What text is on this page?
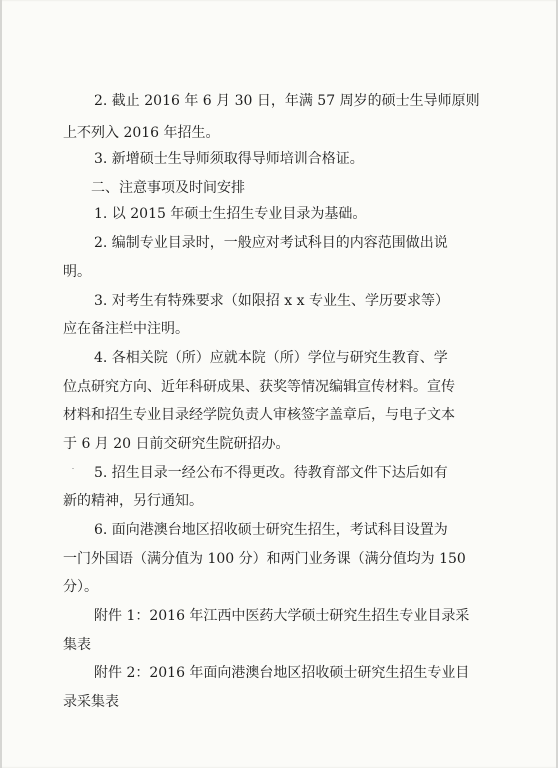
2. 截止 2016 年 6 月 30 日，年满 57 周岁的硕士生导师原则

上不列入 2016 年招生。

3. 新增硕士生导师须取得导师培训合格证。

二、注意事项及时间安排

1. 以 2015 年硕士生招生专业目录为基础。

2. 编制专业目录时，一般应对考试科目的内容范围做出说

明。

3. 对考生有特殊要求（如限招 x x 专业生、学历要求等）

应在备注栏中注明。

4. 各相关院（所）应就本院（所）学位与研究生教育、学

位点研究方向、近年科研成果、获奖等情况编辑宣传材料。宣传

材料和招生专业目录经学院负责人审核签字盖章后，与电子文本

于 6 月 20 日前交研究生院研招办。

5. 招生目录一经公布不得更改。待教育部文件下达后如有

新的精神，另行通知。

6. 面向港澳台地区招收硕士研究生招生，考试科目设置为

一门外国语（满分值为 100 分）和两门业务课（满分值均为 150

分）。

附件 1：2016 年江西中医药大学硕士研究生招生专业目录采

集表

附件 2：2016 年面向港澳台地区招收硕士研究生招生专业目

录采集表
